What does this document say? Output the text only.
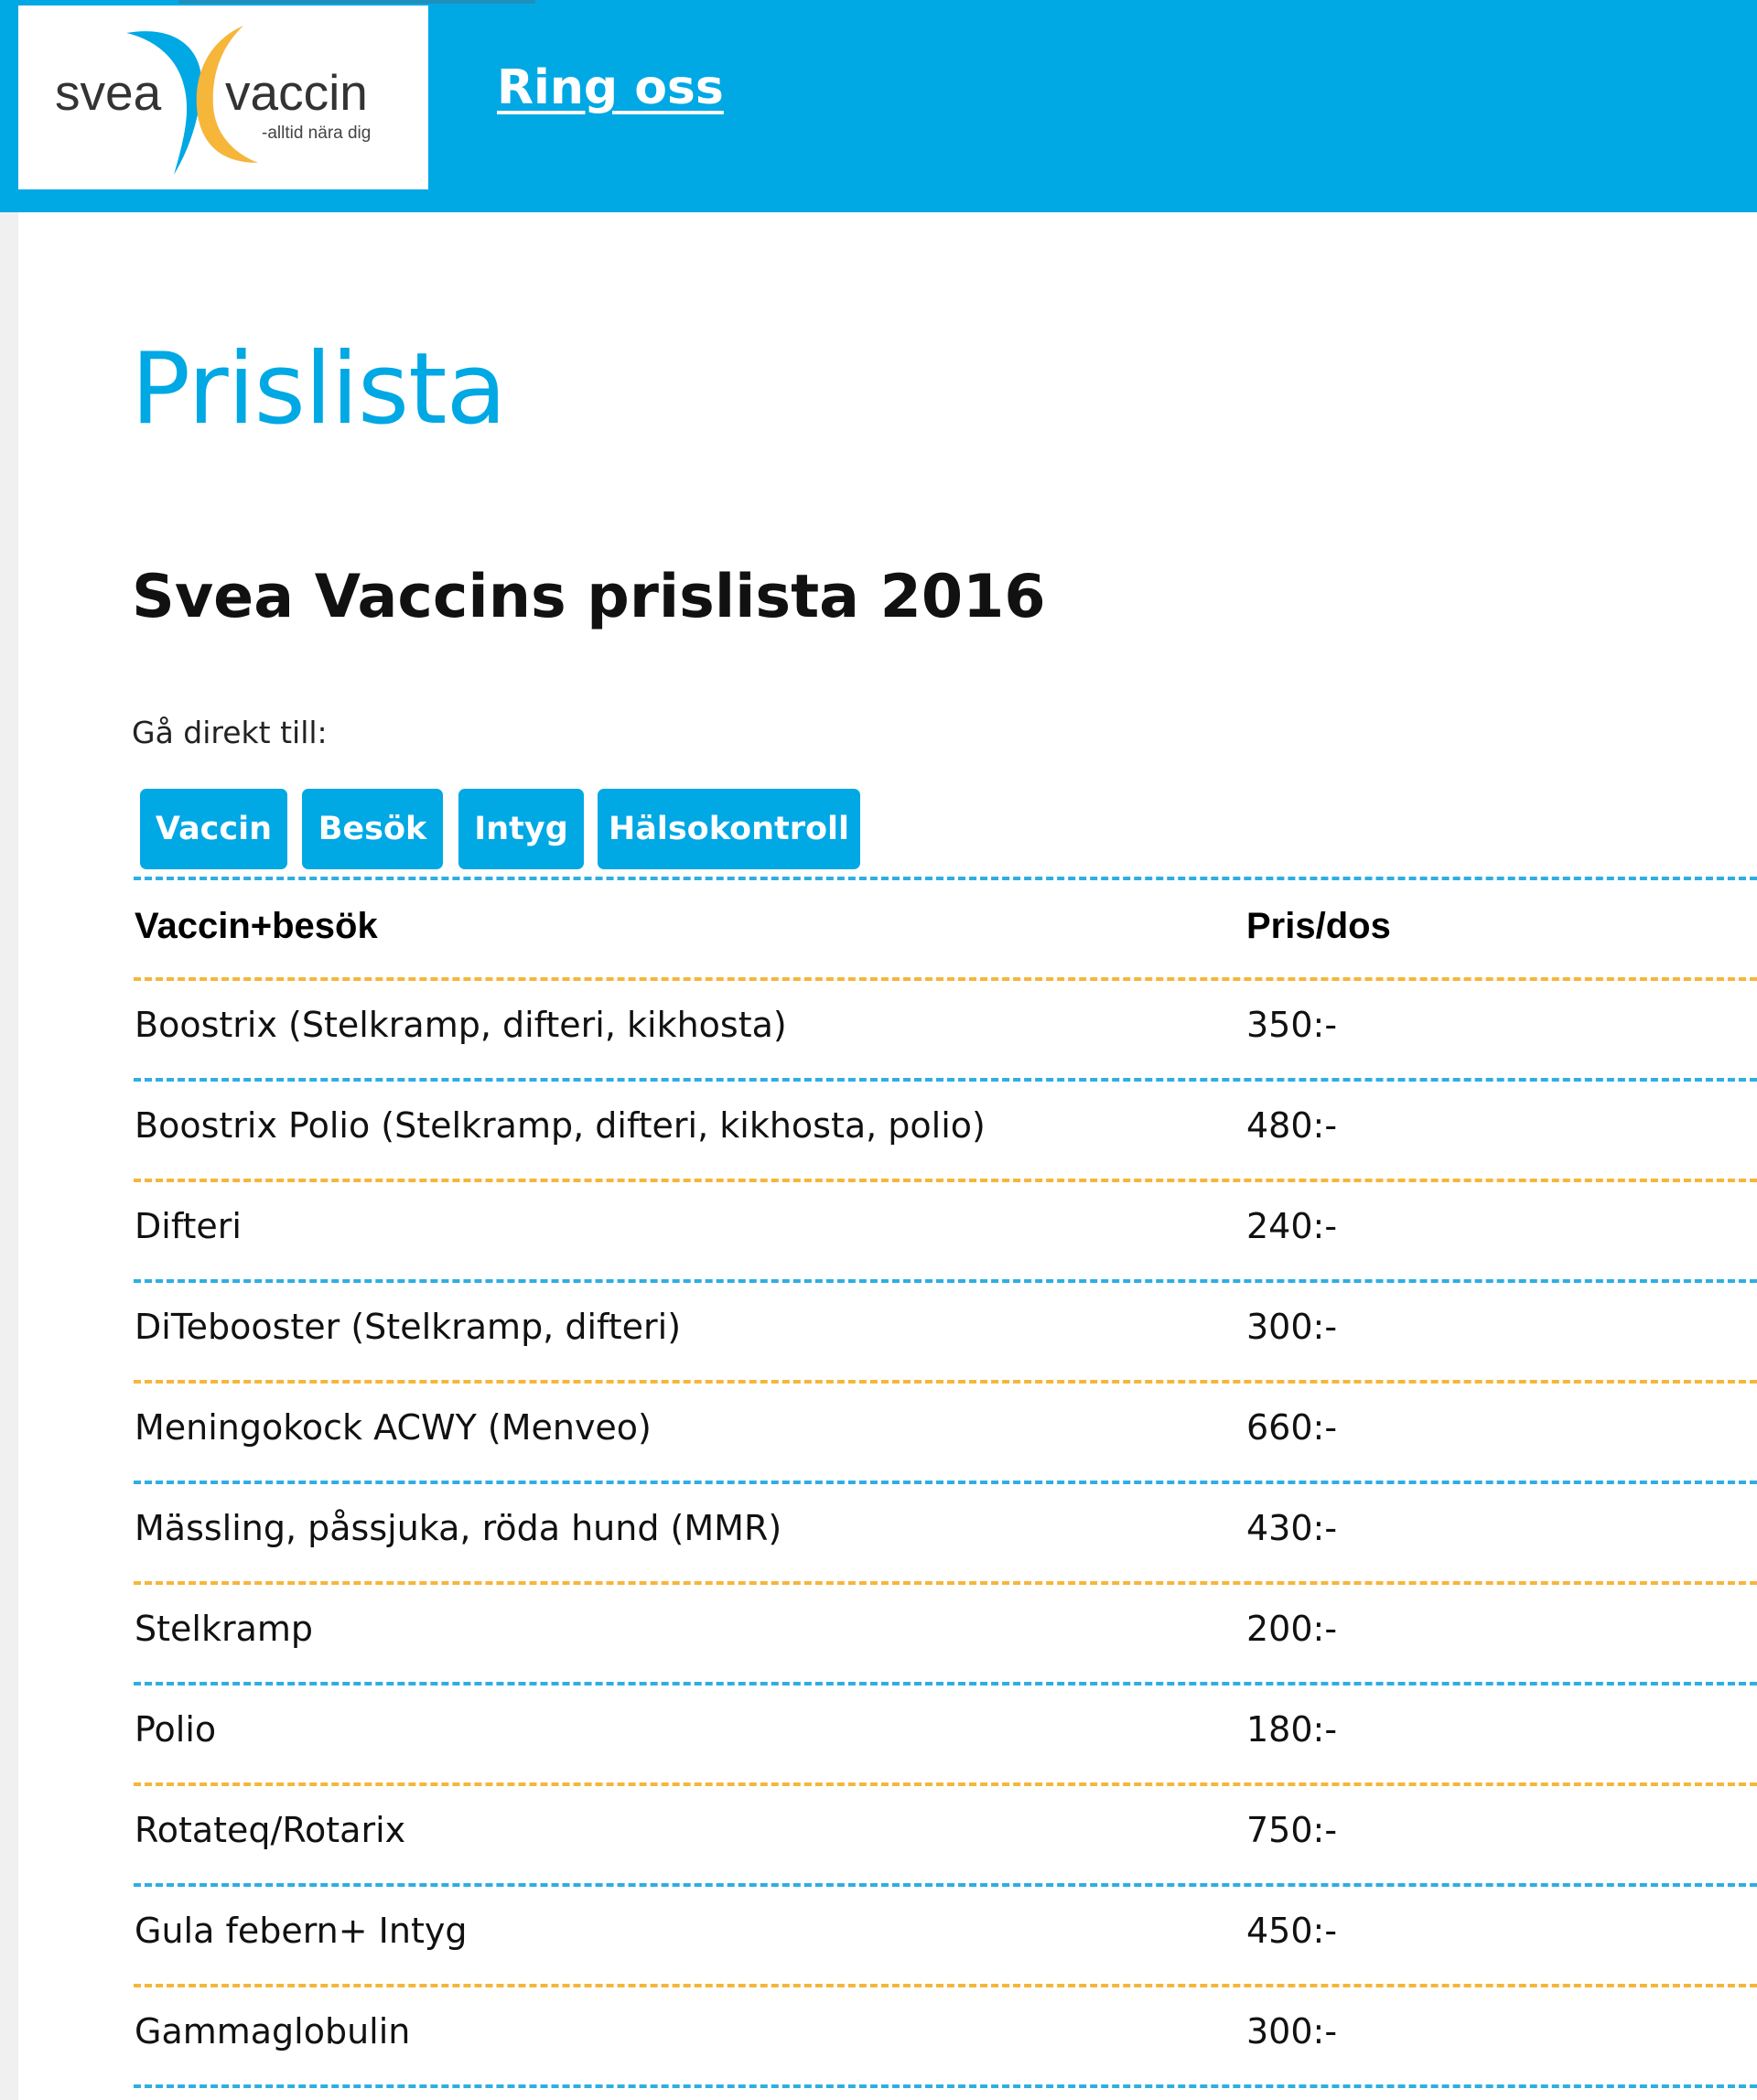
svea vaccin
-alltid nära dig
Ring oss
Prislista
Svea Vaccins prislista 2016
Gå direkt till:
Vaccin	Besök	Intyg	Hälsokontroll
Vaccin+besök	Pris/dos
Boostrix (Stelkramp, difteri, kikhosta)	350:-
Boostrix Polio (Stelkramp, difteri, kikhosta, polio)	480:-
Difteri	240:-
DiTebooster (Stelkramp, difteri)	300:-
Meningokock ACWY (Menveo)	660:-
Mässling, påssjuka, röda hund (MMR)	430:-
Stelkramp	200:-
Polio	180:-
Rotateq/Rotarix	750:-
Gula febern+ Intyg	450:-
Gammaglobulin	300:-
